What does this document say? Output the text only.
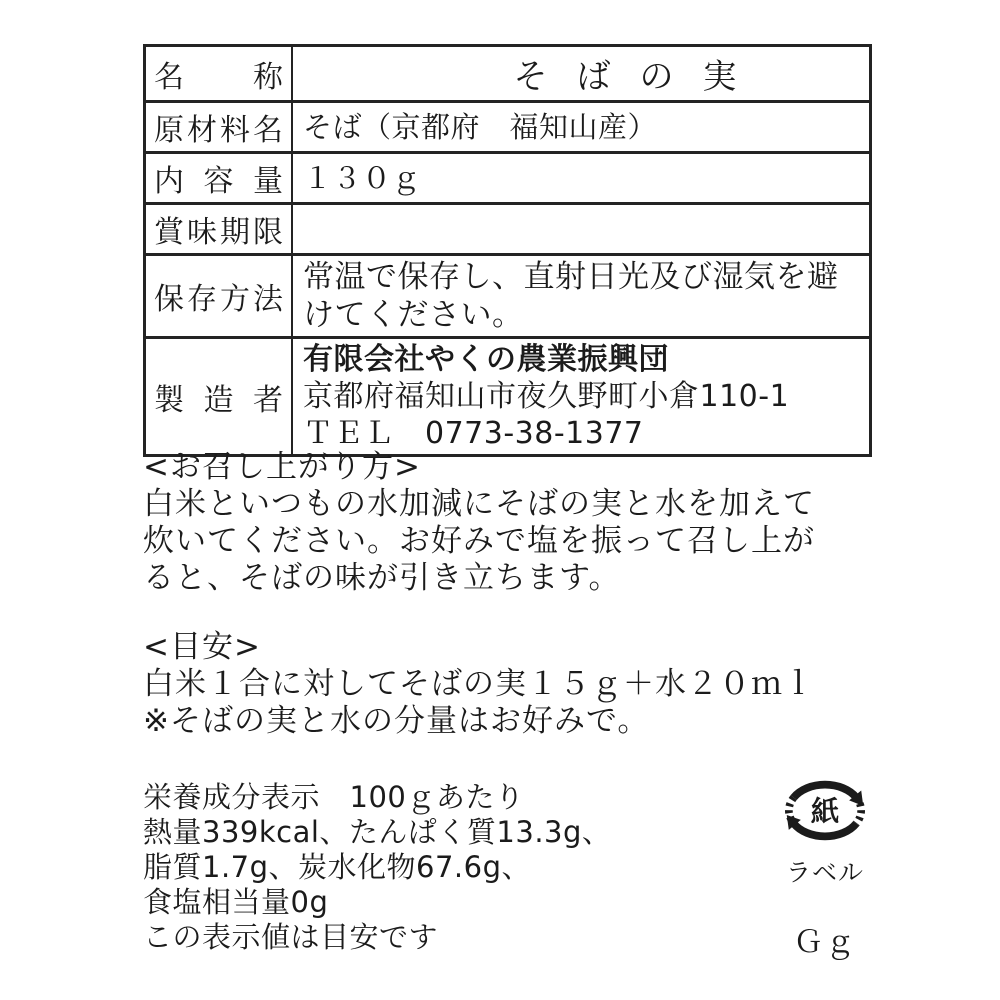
名 称	そ ば の 実
原 材 料 名 そば（京都府　福知山産）
内 容 量 １３０ｇ
賞 味 期 限
保 存 方 法
常温で保存し、直射日光及び湿気を避
けてください。
製 造 者
有限会社やくの農業振興団
京都府福知山市夜久野町小倉110-1
ＴＥＬ　0773-38-1377
<お召し上がり方>
白米といつもの水加減にそばの実と水を加えて
炊いてください。お好みで塩を振って召し上が
ると、そばの味が引き立ちます。
<目安>
白米１合に対してそばの実１５ｇ＋水２０ｍｌ
※そばの実と水の分量はお好みで。
栄養成分表示　100ｇあたり
熱量339kcal、たんぱく質13.3g、
脂質1.7g、炭水化物67.6g、
食塩相当量0g
この表示値は目安です
紙
ラベル
Ｇｇ
